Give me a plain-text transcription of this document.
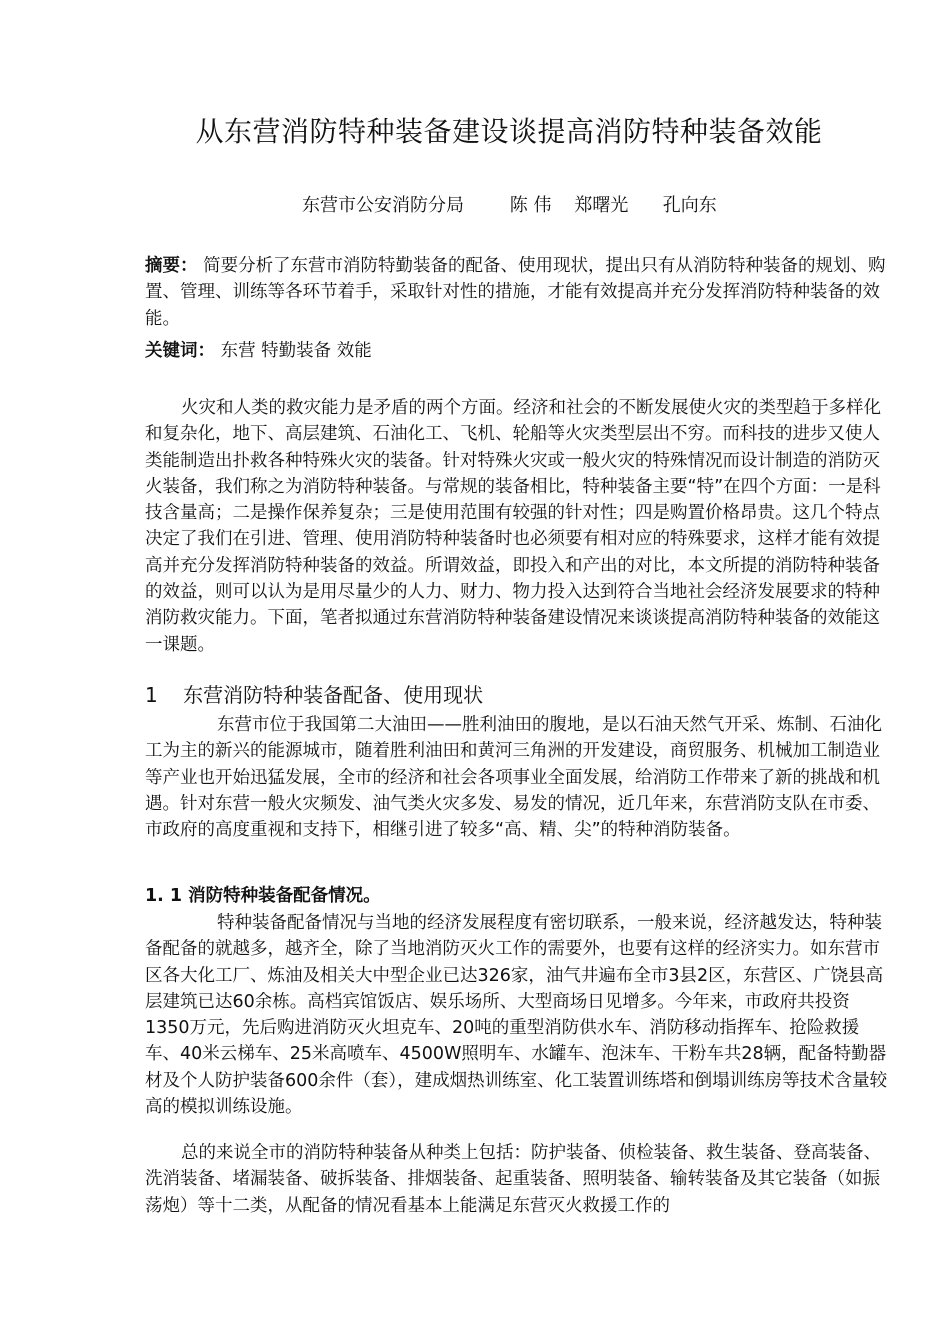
从东营消防特种装备建设谈提高消防特种装备效能
东营市公安消防分局        陈 伟    郑曙光      孔向东
摘要： 简要分析了东营市消防特勤装备的配备、使用现状，提出只有从消防特种装备的规划、购置、管理、训练等各环节着手，采取针对性的措施，才能有效提高并充分发挥消防特种装备的效能。
关键词： 东营 特勤装备 效能
火灾和人类的救灾能力是矛盾的两个方面。经济和社会的不断发展使火灾的类型趋于多样化和复杂化，地下、高层建筑、石油化工、飞机、轮船等火灾类型层出不穷。而科技的进步又使人类能制造出扑救各种特殊火灾的装备。针对特殊火灾或一般火灾的特殊情况而设计制造的消防灭火装备，我们称之为消防特种装备。与常规的装备相比，特种装备主要“特”在四个方面：一是科技含量高；二是操作保养复杂；三是使用范围有较强的针对性；四是购置价格昂贵。这几个特点决定了我们在引进、管理、使用消防特种装备时也必须要有相对应的特殊要求，这样才能有效提高并充分发挥消防特种装备的效益。所谓效益，即投入和产出的对比，本文所提的消防特种装备的效益，则可以认为是用尽量少的人力、财力、物力投入达到符合当地社会经济发展要求的特种消防救灾能力。下面，笔者拟通过东营消防特种装备建设情况来谈谈提高消防特种装备的效能这一课题。
1    东营消防特种装备配备、使用现状
东营市位于我国第二大油田——胜利油田的腹地，是以石油天然气开采、炼制、石油化工为主的新兴的能源城市，随着胜利油田和黄河三角洲的开发建设，商贸服务、机械加工制造业等产业也开始迅猛发展，全市的经济和社会各项事业全面发展，给消防工作带来了新的挑战和机遇。针对东营一般火灾频发、油气类火灾多发、易发的情况，近几年来，东营消防支队在市委、市政府的高度重视和支持下，相继引进了较多“高、精、尖”的特种消防装备。
1. 1 消防特种装备配备情况。
特种装备配备情况与当地的经济发展程度有密切联系，一般来说，经济越发达，特种装备配备的就越多，越齐全，除了当地消防灭火工作的需要外，也要有这样的经济实力。如东营市区各大化工厂、炼油及相关大中型企业已达326家，油气井遍布全市3县2区，东营区、广饶县高层建筑已达60余栋。高档宾馆饭店、娱乐场所、大型商场日见增多。今年来，市政府共投资1350万元，先后购进消防灭火坦克车、20吨的重型消防供水车、消防移动指挥车、抢险救援车、40米云梯车、25米高喷车、4500W照明车、水罐车、泡沫车、干粉车共28辆，配备特勤器材及个人防护装备600余件（套），建成烟热训练室、化工装置训练塔和倒塌训练房等技术含量较高的模拟训练设施。
总的来说全市的消防特种装备从种类上包括：防护装备、侦检装备、救生装备、登高装备、洗消装备、堵漏装备、破拆装备、排烟装备、起重装备、照明装备、输转装备及其它装备（如振荡炮）等十二类，从配备的情况看基本上能满足东营灭火救援工作的
